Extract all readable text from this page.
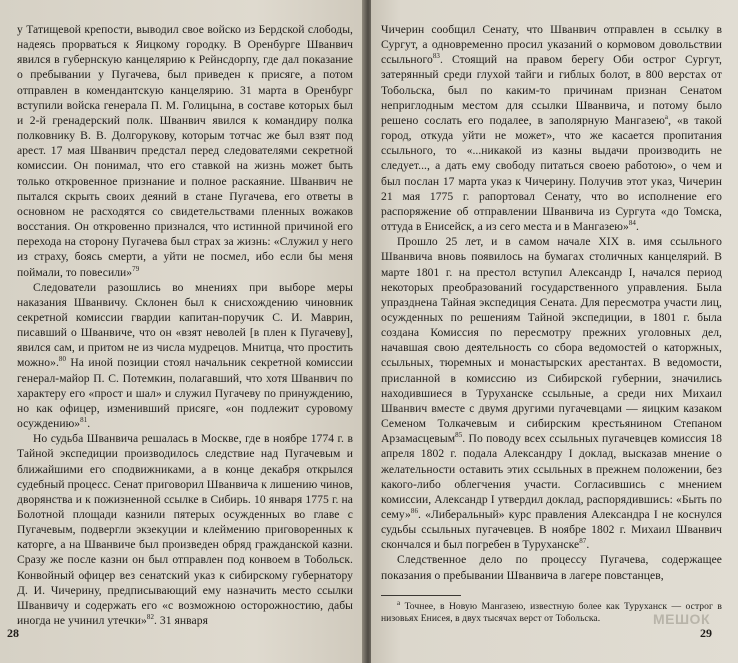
у Татищевой крепости, выводил свое войско из Бердской слободы, надеясь прорваться к Яицкому городку. В Оренбурге Шванвич явился в губернскую канцелярию к Рейнсдорпу, где дал показание о пребывании у Пугачева, был приведен к присяге, а потом отправлен в комендантскую канцелярию. 31 марта в Оренбург вступили войска генерала П. М. Голицына, в составе которых был и 2-й гренадерский полк. Шванвич явился к командиру полка полковнику В. В. Долгорукову, которым тотчас же был взят под арест. 17 мая Шванвич предстал перед следователями секретной комиссии. Он понимал, что его ставкой на жизнь может быть только откровенное признание и полное раскаяние. Шванвич не пытался скрыть своих деяний в стане Пугачева, его ответы в основном не расходятся со свидетельствами пленных вожаков восстания. Он откровенно признался, что истинной причиной его перехода на сторону Пугачева был страх за жизнь: «Служил у него из страху, боясь смерти, а уйти не посмел, ибо если бы меня поймали, то повесили»$^{79}$

Следователи разошлись во мнениях при выборе меры наказания Шванвичу. Склонен был к снисхождению чиновник секретной комиссии гвардии капитан-поручик С. И. Маврин, писавший о Шванвиче, что он «взят неволей [в плен к Пугачеву], явился сам, и притом не из числа мудрецов. Мнитца, что простить можно».$^{80}$ На иной позиции стоял начальник секретной комиссии генерал-майор П. С. Потемкин, полагавший, что хотя Шванвич по характеру его «прост и шал» и служил Пугачеву по принуждению, но как офицер, изменивший присяге, «он подлежит суровому осуждению»$^{81}$.

Но судьба Шванвича решалась в Москве, где в ноябре 1774 г. в Тайной экспедиции производилось следствие над Пугачевым и ближайшими его сподвижниками, а в конце декабря открылся судебный процесс. Сенат приговорил Шванвича к лишению чинов, дворянства и к пожизненной ссылке в Сибирь. 10 января 1775 г. на Болотной площади казнили пятерых осужденных во главе с Пугачевым, подвергли экзекуции и клеймению приговоренных к каторге, а на Шванвиче был произведен обряд гражданской казни. Сразу же после казни он был отправлен под конвоем в Тобольск. Конвойный офицер вез сенатский указ к сибирскому губернатору Д. И. Чичерину, предписывающий ему назначить место ссылки Шванвичу и содержать его «с возможною осторожностию, дабы иногда не учинил утечки»$^{82}$. 31 января

28

Чичерин сообщил Сенату, что Шванвич отправлен в ссылку в Сургут, а одновременно просил указаний о кормовом довольствии ссыльного$^{83}$. Стоящий на правом берегу Оби острог Сургут, затерянный среди глухой тайги и гиблых болот, в 800 верстах от Тобольска, был по каким-то причинам признан Сенатом неприглодным местом для ссылки Шванвича, и потому было решено сослать его подалее, в заполярную Мангазею$^a$, «в такой город, откуда уйти не может», что же касается пропитания ссыльного, то «...никакой из казны выдачи производить не следует..., а дать ему свободу питаться своею работою», о чем и был послан 17 марта указ к Чичерину. Получив этот указ, Чичерин 21 мая 1775 г. рапортовал Сенату, что во исполнение его распоряжение об отправлении Шванвича из Сургута «до Томска, оттуда в Енисейск, а из сего места и в Мангазею»$^{84}$.

Прошло 25 лет, и в самом начале XIX в. имя ссыльного Шванвича вновь появилось на бумагах столичных канцелярий. В марте 1801 г. на престол вступил Александр I, начался период некоторых преобразований государственного управления. Была упразднена Тайная экспедиция Сената. Для пересмотра участи лиц, осужденных по решениям Тайной экспедиции, в 1801 г. была создана Комиссия по пересмотру прежних уголовных дел, начавшая свою деятельность со сбора ведомостей о каторжных, ссыльных, тюремных и монастырских арестантах. В ведомости, присланной в комиссию из Сибирской губернии, значились находившиеся в Туруханске ссыльные, а среди них Михаил Шванвич вместе с двумя другими пугачевцами — яицким казаком Семеном Толкачевым и сибирским крестьянином Степаном Арзамасцевым$^{85}$. По поводу всех ссыльных пугачевцев комиссия 18 апреля 1802 г. подала Александру I доклад, высказав мнение о желательности оставить этих ссыльных в прежнем положении, без какого-либо облегчения участи. Согласившись с мнением комиссии, Александр I утвердил доклад, распорядившись: «Быть по сему»$^{86}$. «Либеральный» курс правления Александра I не коснулся судьбы ссыльных пугачевцев. В ноябре 1802 г. Михаил Шванвич скончался и был погребен в Туруханске$^{87}$.

Следственное дело по процессу Пугачева, содержащее показания о пребывании Шванвича в лагере повстанцев,

$^а$ Точнее, в Новую Мангазею, известную более как Туруханск — острог в низовьях Енисея, в двух тысячах верст от Тобольска.	МЕШОК
29
